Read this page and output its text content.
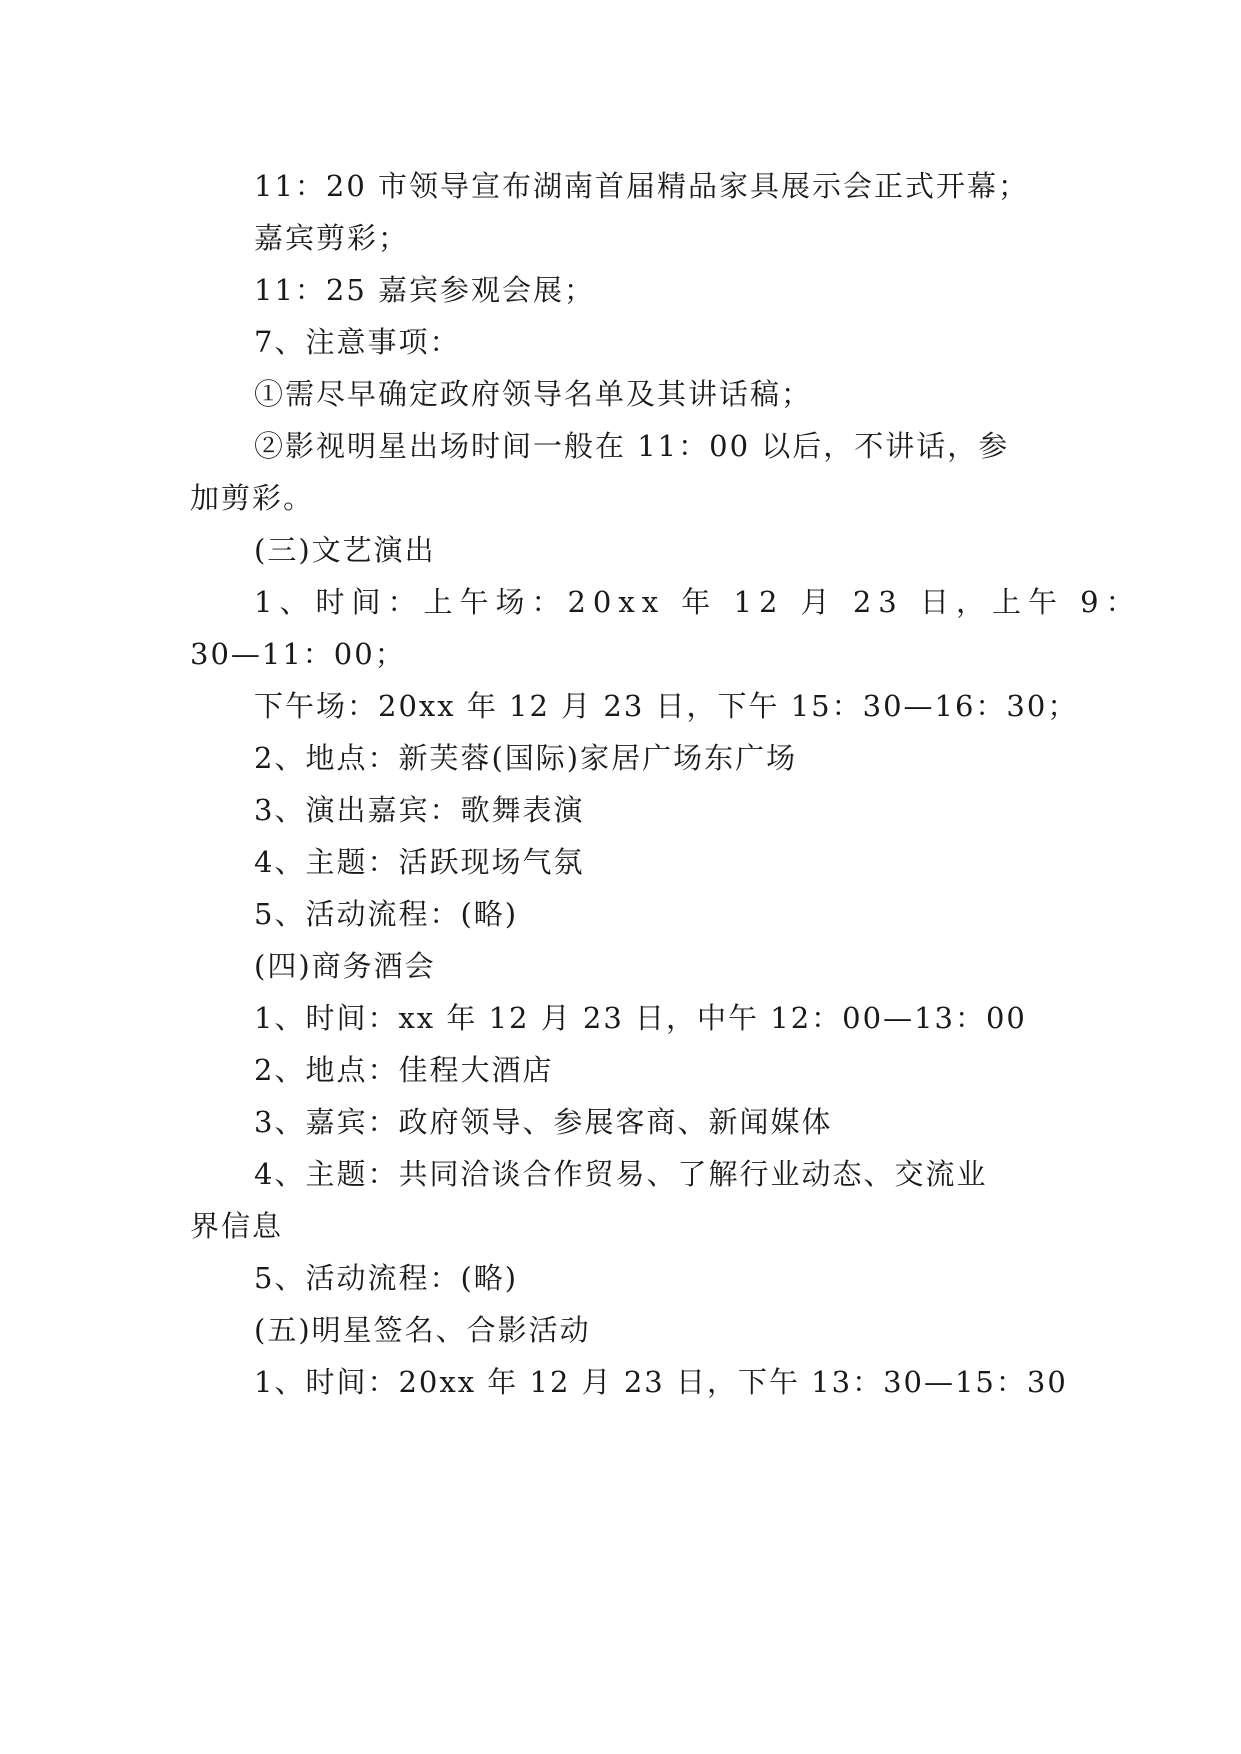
11：20 市领导宣布湖南首届精品家具展示会正式开幕；
嘉宾剪彩；
11：25 嘉宾参观会展；
7、注意事项：
①需尽早确定政府领导名单及其讲话稿；
②影视明星出场时间一般在 11：00 以后，不讲话，参
加剪彩。
(三)文艺演出
1、时间：上午场：20xx 年 12 月 23 日，上午 9：
30—11：00；
下午场：20xx 年 12 月 23 日，下午 15：30—16：30；
2、地点：新芙蓉(国际)家居广场东广场
3、演出嘉宾：歌舞表演
4、主题：活跃现场气氛
5、活动流程：(略)
(四)商务酒会
1、时间：xx 年 12 月 23 日，中午 12：00—13：00
2、地点：佳程大酒店
3、嘉宾：政府领导、参展客商、新闻媒体
4、主题：共同洽谈合作贸易、了解行业动态、交流业
界信息
5、活动流程：(略)
(五)明星签名、合影活动
1、时间：20xx 年 12 月 23 日，下午 13：30—15：30
